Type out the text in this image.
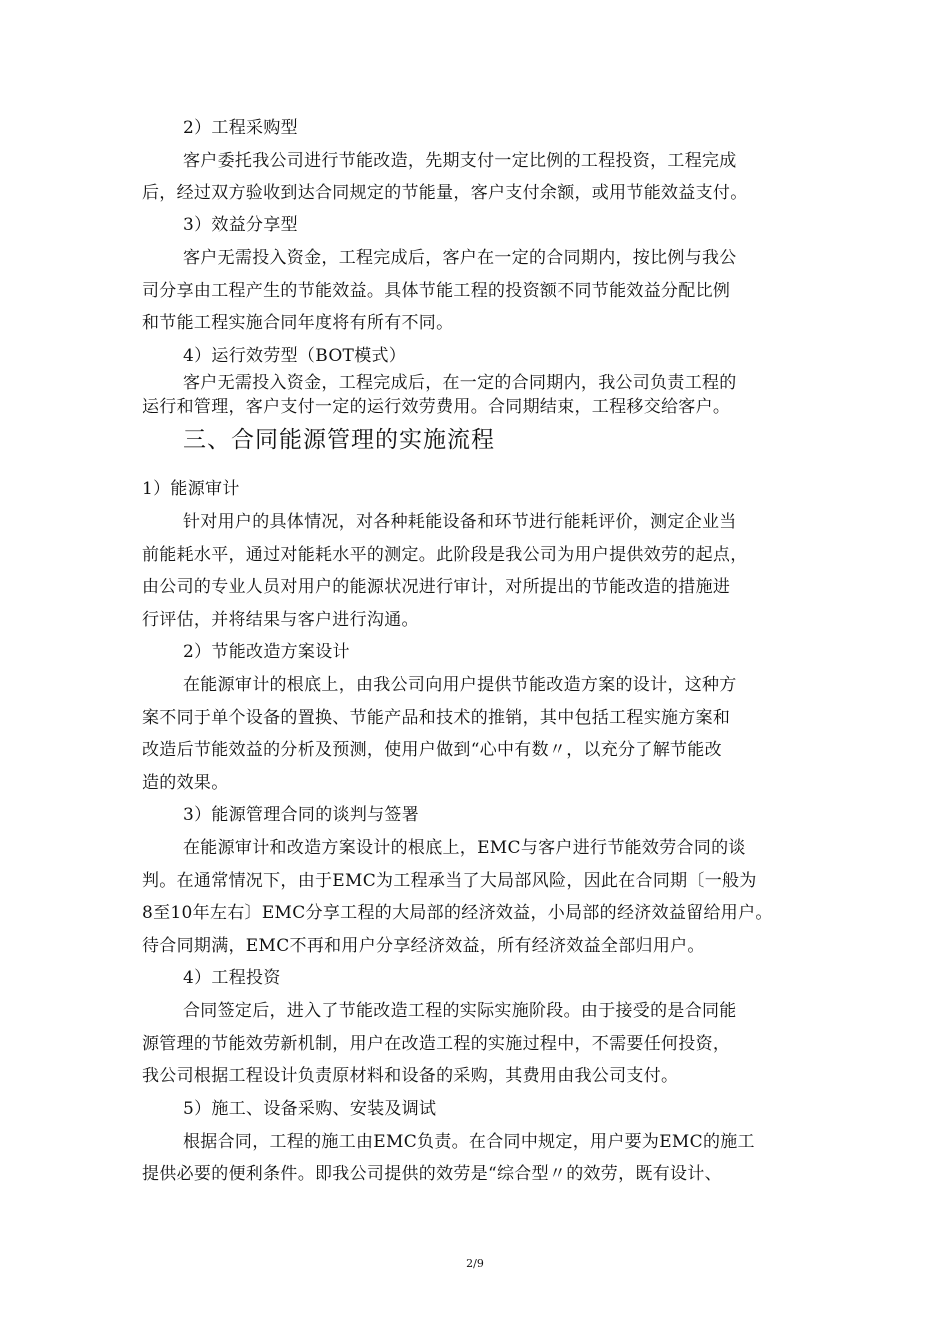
2）工程采购型
客户委托我公司进行节能改造，先期支付一定比例的工程投资，工程完成
后，经过双方验收到达合同规定的节能量，客户支付余额，或用节能效益支付。
3）效益分享型
客户无需投入资金，工程完成后，客户在一定的合同期内，按比例与我公
司分享由工程产生的节能效益。具体节能工程的投资额不同节能效益分配比例
和节能工程实施合同年度将有所有不同。
4）运行效劳型（BOT模式）
客户无需投入资金，工程完成后，在一定的合同期内，我公司负责工程的
运行和管理，客户支付一定的运行效劳费用。合同期结束，工程移交给客户。
三、合同能源管理的实施流程
1）能源审计
针对用户的具体情况，对各种耗能设备和环节进行能耗评价，测定企业当
前能耗水平，通过对能耗水平的测定。此阶段是我公司为用户提供效劳的起点，
由公司的专业人员对用户的能源状况进行审计，对所提出的节能改造的措施进
行评估，并将结果与客户进行沟通。
2）节能改造方案设计
在能源审计的根底上，由我公司向用户提供节能改造方案的设计，这种方
案不同于单个设备的置换、节能产品和技术的推销，其中包括工程实施方案和
改造后节能效益的分析及预测，使用户做到“心中有数〃，以充分了解节能改
造的效果。
3）能源管理合同的谈判与签署
在能源审计和改造方案设计的根底上，EMC与客户进行节能效劳合同的谈
判。在通常情况下，由于EMC为工程承当了大局部风险，因此在合同期〔一般为
8至10年左右〕EMC分享工程的大局部的经济效益，小局部的经济效益留给用户。
待合同期满，EMC不再和用户分享经济效益，所有经济效益全部归用户。
4）工程投资
合同签定后，进入了节能改造工程的实际实施阶段。由于接受的是合同能
源管理的节能效劳新机制，用户在改造工程的实施过程中，不需要任何投资，
我公司根据工程设计负责原材料和设备的采购，其费用由我公司支付。
5）施工、设备采购、安装及调试
根据合同，工程的施工由EMC负责。在合同中规定，用户要为EMC的施工
提供必要的便利条件。即我公司提供的效劳是“综合型〃的效劳，既有设计、
2/9
